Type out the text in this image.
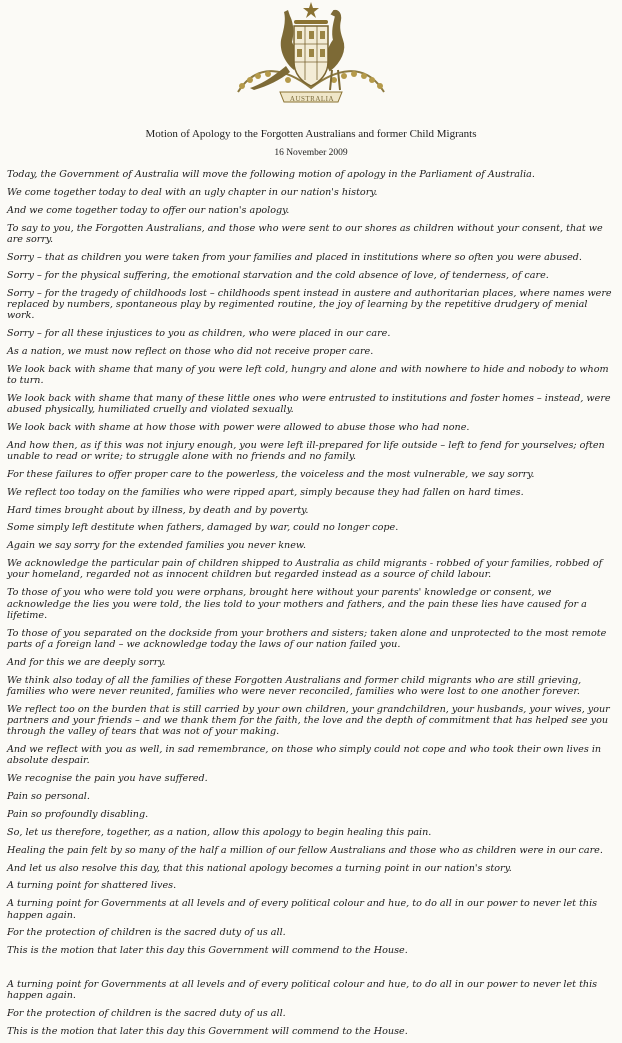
AUSTRALIA
Motion of Apology to the Forgotten Australians and former Child Migrants
16 November 2009

Today, the Government of Australia will move the following motion of apology in the Parliament of Australia.

We come together today to deal with an ugly chapter in our nation's history.

And we come together today to offer our nation's apology.

To say to you, the Forgotten Australians, and those who were sent to our shores as children without your consent, that we are sorry.

Sorry – that as children you were taken from your families and placed in institutions where so often you were abused.

Sorry – for the physical suffering, the emotional starvation and the cold absence of love, of tenderness, of care.

Sorry – for the tragedy of childhoods lost – childhoods spent instead in austere and authoritarian places, where names were replaced by numbers, spontaneous play by regimented routine, the joy of learning by the repetitive drudgery of menial work.

Sorry – for all these injustices to you as children, who were placed in our care.

As a nation, we must now reflect on those who did not receive proper care.

We look back with shame that many of you were left cold, hungry and alone and with nowhere to hide and nobody to whom to turn.

We look back with shame that many of these little ones who were entrusted to institutions and foster homes – instead, were abused physically, humiliated cruelly and violated sexually.

We look back with shame at how those with power were allowed to abuse those who had none.

And how then, as if this was not injury enough, you were left ill-prepared for life outside – left to fend for yourselves; often unable to read or write; to struggle alone with no friends and no family.

For these failures to offer proper care to the powerless, the voiceless and the most vulnerable, we say sorry.

We reflect too today on the families who were ripped apart, simply because they had fallen on hard times.

Hard times brought about by illness, by death and by poverty.

Some simply left destitute when fathers, damaged by war, could no longer cope.

Again we say sorry for the extended families you never knew.

We acknowledge the particular pain of children shipped to Australia as child migrants - robbed of your families, robbed of your homeland, regarded not as innocent children but regarded instead as a source of child labour.

To those of you who were told you were orphans, brought here without your parents' knowledge or consent, we acknowledge the lies you were told, the lies told to your mothers and fathers, and the pain these lies have caused for a lifetime.

To those of you separated on the dockside from your brothers and sisters; taken alone and unprotected to the most remote parts of a foreign land – we acknowledge today the laws of our nation failed you.

And for this we are deeply sorry.

We think also today of all the families of these Forgotten Australians and former child migrants who are still grieving, families who were never reunited, families who were never reconciled, families who were lost to one another forever.

We reflect too on the burden that is still carried by your own children, your grandchildren, your husbands, your wives, your partners and your friends – and we thank them for the faith, the love and the depth of commitment that has helped see you through the valley of tears that was not of your making.

And we reflect with you as well, in sad remembrance, on those who simply could not cope and who took their own lives in absolute despair.

We recognise the pain you have suffered.

Pain so personal.

Pain so profoundly disabling.

So, let us therefore, together, as a nation, allow this apology to begin healing this pain.

Healing the pain felt by so many of the half a million of our fellow Australians and those who as children were in our care.

And let us also resolve this day, that this national apology becomes a turning point in our nation's story.

A turning point for shattered lives.

A turning point for Governments at all levels and of every political colour and hue, to do all in our power to never let this happen again.

For the protection of children is the sacred duty of us all.

This is the motion that later this day this Government will commend to the House.

A turning point for Governments at all levels and of every political colour and hue, to do all in our power to never let this happen again.

For the protection of children is the sacred duty of us all.

This is the motion that later this day this Government will commend to the House.
